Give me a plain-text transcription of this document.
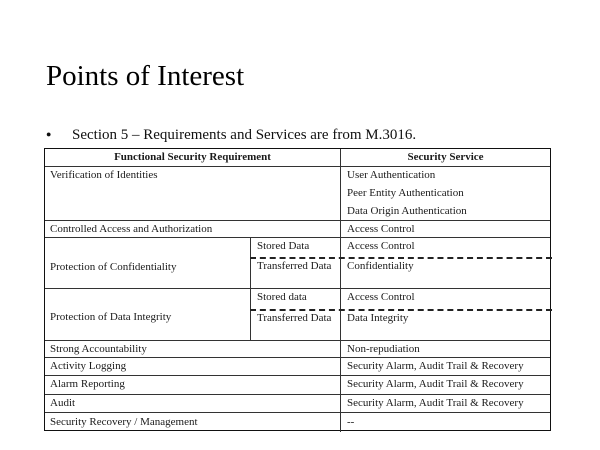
Points of Interest
● Section 5 – Requirements and Services are from M.3016.
Functional Security Requirement	Security Service
Verification of Identities	User Authentication
Peer Entity Authentication
Data Origin Authentication
Controlled Access and Authorization	Access Control
Protection of Confidentiality
Stored Data	Access Control
Transferred Data	Confidentiality
Protection of Data Integrity
Stored data	Access Control
Transferred Data	Data Integrity
Strong Accountability	Non-repudiation
Activity Logging	Security Alarm, Audit Trail & Recovery
Alarm Reporting	Security Alarm, Audit Trail & Recovery
Audit	Security Alarm, Audit Trail & Recovery
Security Recovery / Management	--
